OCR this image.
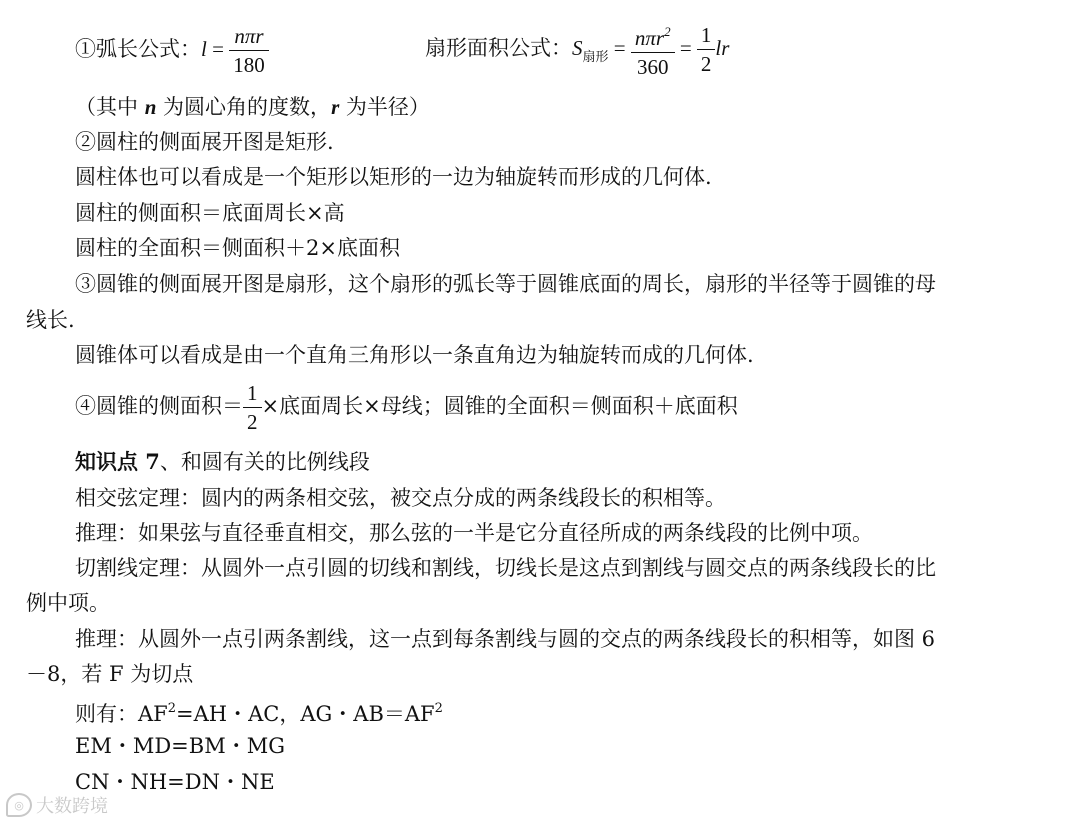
①弧长公式：$l = \frac{\text{nπr}}{180}$	扇形面积公式：$S_{扇形} = \frac{n\pi r^2}{360} = \frac{1}{2}$ lr
（其中 n 为圆心角的度数，r 为半径）
②圆柱的侧面展开图是矩形.
圆柱体也可以看成是一个矩形以矩形的一边为轴旋转而形成的几何体.
圆柱的侧面积＝底面周长×高
圆柱的全面积＝侧面积＋2×底面积
③圆锥的侧面展开图是扇形，这个扇形的弧长等于圆锥底面的周长，扇形的半径等于圆锥的母
线长.
圆锥体可以看成是由一个直角三角形以一条直角边为轴旋转而成的几何体.
④圆锥的侧面积＝ $\frac{1}{2}$ ×底面周长×母线；圆锥的全面积＝侧面积＋底面积
知识点 7、和圆有关的比例线段
相交弦定理：圆内的两条相交弦，被交点分成的两条线段长的积相等。
推理：如果弦与直径垂直相交，那么弦的一半是它分直径所成的两条线段的比例中项。
切割线定理：从圆外一点引圆的切线和割线，切线长是这点到割线与圆交点的两条线段长的比
例中项。
推理：从圆外一点引两条割线，这一点到每条割线与圆的交点的两条线段长的积相等，如图 6
－8，若 F 为切点
则有：$AF^2=AH$・AC，AG・$AB=AF^2$
EM・MD=BM・MG
CN・NH=DN・NE
◎ 大数跨境
